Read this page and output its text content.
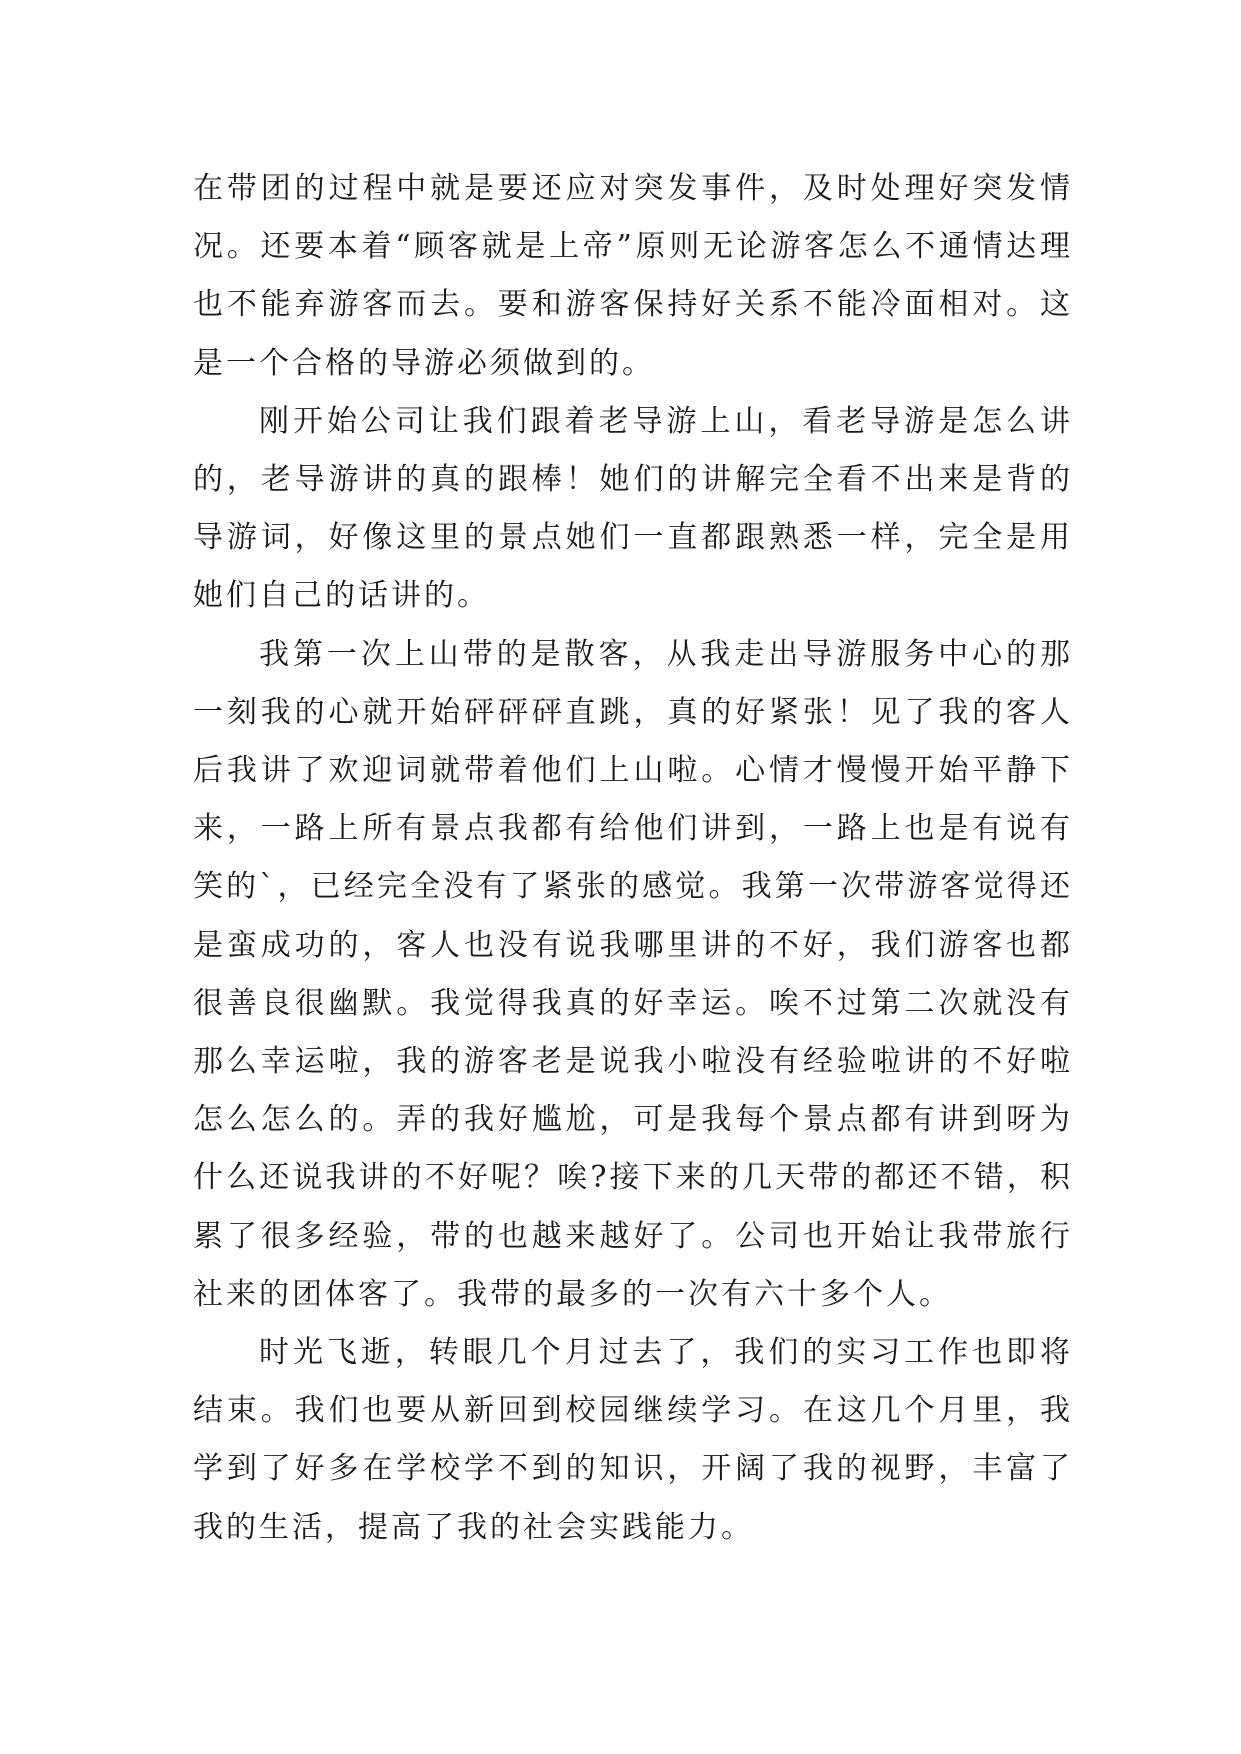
在带团的过程中就是要还应对突发事件，及时处理好突发情况。还要本着“顾客就是上帝”原则无论游客怎么不通情达理也不能弃游客而去。要和游客保持好关系不能冷面相对。这是一个合格的导游必须做到的。

刚开始公司让我们跟着老导游上山，看老导游是怎么讲的，老导游讲的真的跟棒！她们的讲解完全看不出来是背的导游词，好像这里的景点她们一直都跟熟悉一样，完全是用她们自己的话讲的。

我第一次上山带的是散客，从我走出导游服务中心的那一刻我的心就开始砰砰砰直跳，真的好紧张！见了我的客人后我讲了欢迎词就带着他们上山啦。心情才慢慢开始平静下来，一路上所有景点我都有给他们讲到，一路上也是有说有笑的`，已经完全没有了紧张的感觉。我第一次带游客觉得还是蛮成功的，客人也没有说我哪里讲的不好，我们游客也都很善良很幽默。我觉得我真的好幸运。唉不过第二次就没有那么幸运啦，我的游客老是说我小啦没有经验啦讲的不好啦怎么怎么的。弄的我好尴尬，可是我每个景点都有讲到呀为什么还说我讲的不好呢？唉?接下来的几天带的都还不错，积累了很多经验，带的也越来越好了。公司也开始让我带旅行社来的团体客了。我带的最多的一次有六十多个人。

时光飞逝，转眼几个月过去了，我们的实习工作也即将结束。我们也要从新回到校园继续学习。在这几个月里，我学到了好多在学校学不到的知识，开阔了我的视野，丰富了我的生活，提高了我的社会实践能力。
